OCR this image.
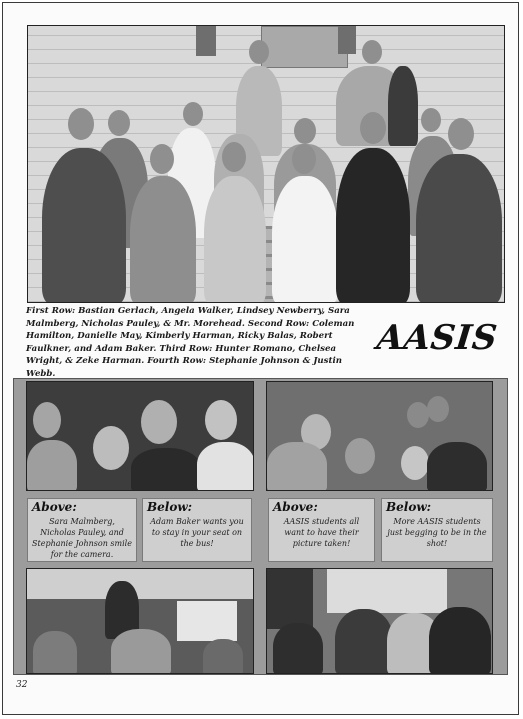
First Row: Bastian Gerlach, Angela Walker, Lindsey Newberry, Sara Malmberg, Nicholas Pauley, & Mr. Morehead. Second Row: Coleman Hamilton, Danielle May, Kimberly Harman, Ricky Balas, Robert Faulkner, and Adam Baker. Third Row: Hunter Romano, Chelsea Wright, & Zeke Harman. Fourth Row: Stephanie Johnson & Justin Webb.

AASIS
Above:
Sara Malmberg, Nicholas Pauley, and Stephanie Johnson smile for the camera.
Below:
Adam Baker wants you to stay in your seat on the bus!
Above:
AASIS students all want to have their picture taken!
Below:
More AASIS students just begging to be in the shot!

32
